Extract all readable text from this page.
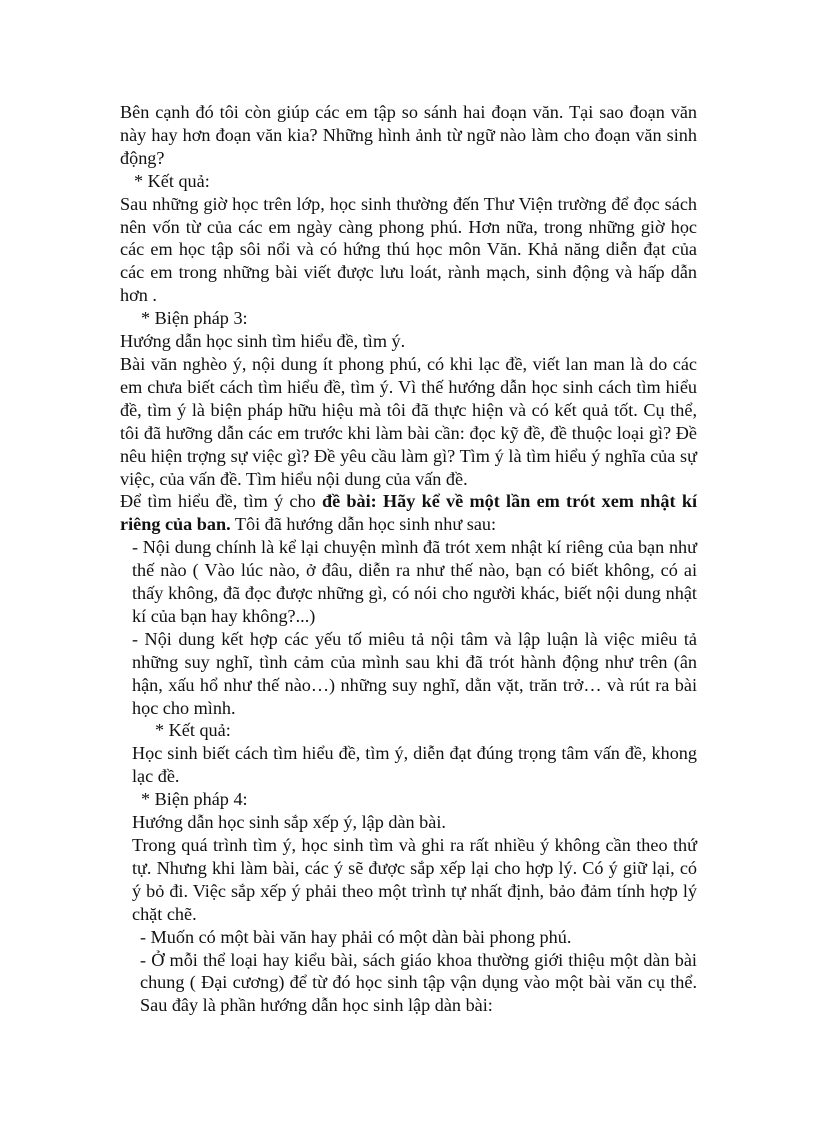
Bên cạnh đó tôi còn giúp các em tập so sánh hai đoạn văn. Tại sao đoạn văn này hay hơn đoạn văn kia? Những hình ảnh từ ngữ nào làm cho đoạn văn sinh động?

* Kết quả:

Sau những giờ học trên lớp, học sinh thường đến Thư Viện trường để đọc sách nên vốn từ của các em ngày càng phong phú. Hơn nữa, trong những giờ học các em học tập sôi nổi và có hứng thú học môn Văn. Khả năng diễn đạt của các em trong những bài viết được lưu loát, rành mạch, sinh động và hấp dẫn hơn .

* Biện pháp 3:

Hướng dẫn học sinh tìm hiểu đề, tìm ý.

Bài văn nghèo ý, nội dung ít phong phú, có khi lạc đề, viết lan man là do các em chưa biết cách tìm hiểu đề, tìm ý. Vì thế hướng dẫn học sinh cách tìm hiểu đề, tìm ý là biện pháp hữu hiệu mà tôi đã thực hiện và có kết quả tốt. Cụ thể, tôi đã hưỡng dẫn các em trước khi làm bài cần: đọc kỹ đề, đề thuộc loại gì? Đề nêu hiện trợng sự việc gì? Đề yêu cầu làm gì? Tìm ý là tìm hiểu ý nghĩa của sự việc, của vấn đề. Tìm hiểu nội dung của vấn đề.

Để tìm hiểu đề, tìm ý cho đề bài: Hãy kể về một lần em trót xem nhật kí riêng của ban. Tôi đã hướng dẫn học sinh như sau:

- Nội dung chính là kể lại chuyện mình đã trót xem nhật kí riêng của bạn như thế nào ( Vào lúc nào, ở đâu, diễn ra như thế nào, bạn có biết không, có ai thấy không, đã đọc được những gì, có nói cho người khác, biết nội dung nhật kí của bạn hay không?...)

- Nội dung kết hợp các yếu tố miêu tả nội tâm và lập luận là việc miêu tả những suy nghĩ, tình cảm của mình sau khi đã trót hành động như trên (ân hận, xấu hổ như thế nào…) những suy nghĩ, dằn vặt, trăn trở… và rút ra bài học cho mình.

* Kết quả:

Học sinh biết cách tìm hiểu đề, tìm ý, diễn đạt đúng trọng tâm vấn đề, khong lạc đề.

* Biện pháp 4:

Hướng dẫn học sinh sắp xếp ý, lập dàn bài.

Trong quá trình tìm ý, học sinh tìm và ghi ra rất nhiều ý không cần theo thứ tự. Nhưng khi làm bài, các ý sẽ được sắp xếp lại cho hợp lý. Có ý giữ lại, có ý bỏ đi. Việc sắp xếp ý phải theo một trình tự nhất định, bảo đảm tính hợp lý chặt chẽ.

- Muốn có một bài văn hay phải có một dàn bài phong phú.

- Ở mỗi thể loại hay kiểu bài, sách giáo khoa thường giới thiệu một dàn bài chung ( Đại cương) để từ đó học sinh tập vận dụng vào một bài văn cụ thể. Sau đây là phần hướng dẫn học sinh lập dàn bài:
